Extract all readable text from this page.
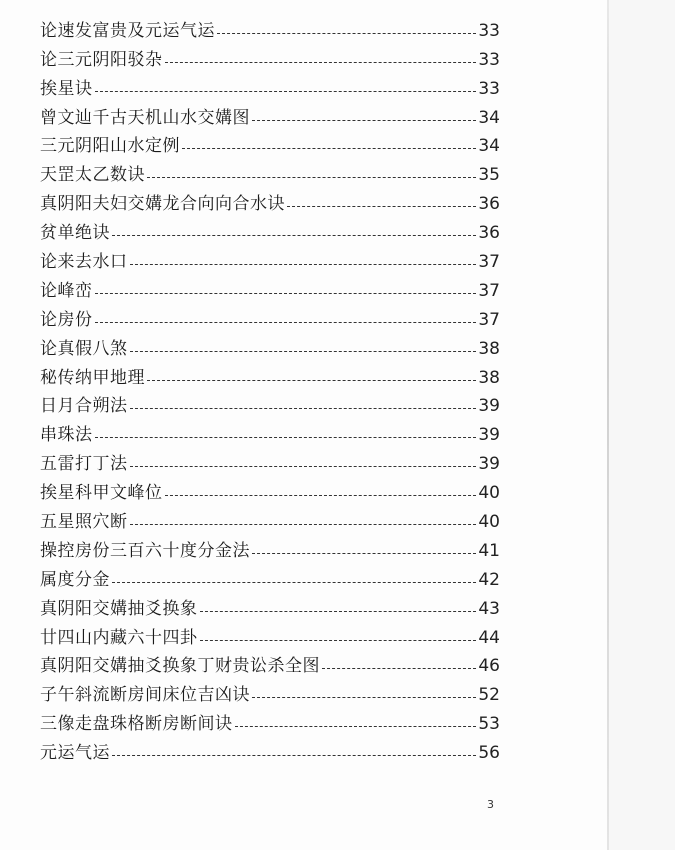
论速发富贵及元运气运	33
论三元阴阳驳杂	33
挨星诀	33
曾文辿千古天机山水交媾图	34
三元阴阳山水定例	34
天罡太乙数诀	35
真阴阳夫妇交媾龙合向向合水诀	36
贫单绝诀	36
论来去水口	37
论峰峦	37
论房份	37
论真假八煞	38
秘传纳甲地理	38
日月合朔法	39
串珠法	39
五雷打丁法	39
挨星科甲文峰位	40
五星照穴断	40
操控房份三百六十度分金法	41
属度分金	42
真阴阳交媾抽爻换象	43
廿四山内藏六十四卦	44
真阴阳交媾抽爻换象丁财贵讼杀全图	46
子午斜流断房间床位吉凶诀	52
三像走盘珠格断房断间诀	53
元运气运	56
3
